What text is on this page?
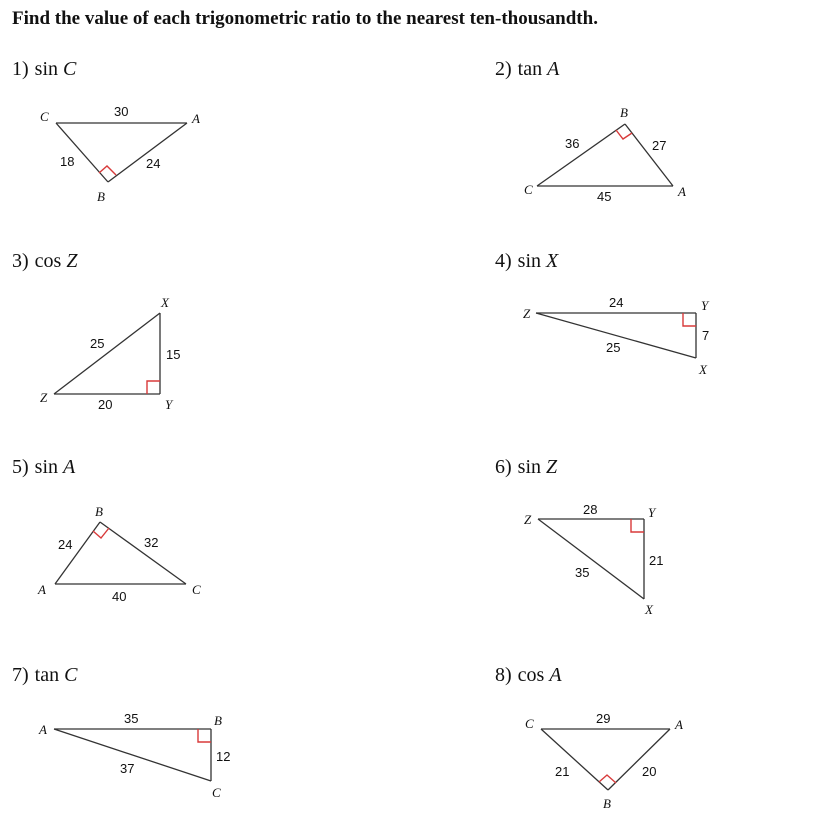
Find the value of each trigonometric ratio to the nearest ten-thousandth.
1) sin C
C	A
B
30
18	24
2) tan A
B
C	A
36	27
45
3) cos Z
X
Z	Y
25
15
20
4) sin X
Z
Y
X
24
7
25
5) sin A
B
A	C
24	32
40
6) sin Z
Z	Y
X
28
21
35
7) tan C
A
B
C
35
12
37
8) cos A
C	A
B
29
21	20
